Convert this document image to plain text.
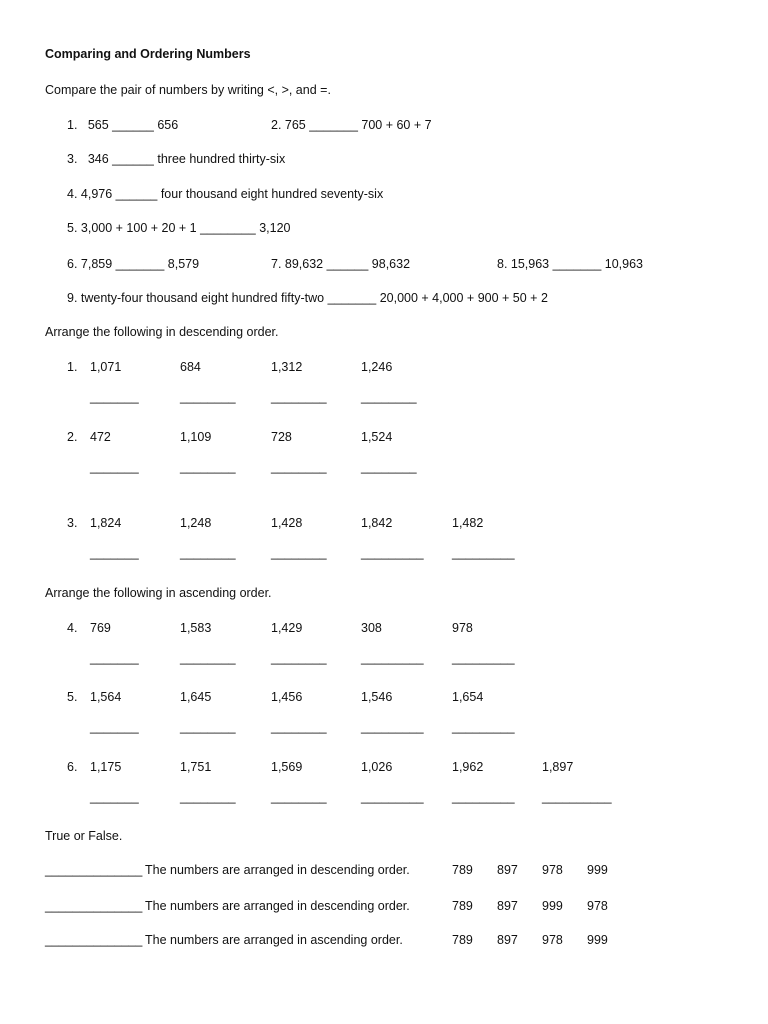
Comparing and Ordering Numbers
Compare the pair of numbers by writing <, >, and =.
1.   565 ______ 656	2. 765 _______ 700 + 60 + 7
3.   346 ______ three hundred thirty-six
4. 4,976 ______ four thousand eight hundred seventy-six
5. 3,000 + 100 + 20 + 1 ________ 3,120
6. 7,859 _______ 8,579	7. 89,632 ______ 98,632	8. 15,963 _______ 10,963
9. twenty-four thousand eight hundred fifty-two _______ 20,000 + 4,000 + 900 + 50 + 2
Arrange the following in descending order.
1. 1,071	684	1,312	1,246
_______	________	________	________
2. 472	1,109	728	1,524
_______	________	________	________
3. 1,824	1,248	1,428	1,842	1,482
_______	________	________	_________ _________
Arrange the following in ascending order.
4. 769	1,583	1,429	308	978
_______	________	________	_________ _________
5. 1,564	1,645	1,456	1,546	1,654
_______	________	________	_________ _________
6. 1,175	1,751	1,569	1,026	1,962	1,897
_______	________	________	_________ _________ __________
True or False.
______________ The numbers are arranged in descending order.	789 897 978 999
______________ The numbers are arranged in descending order.	789 897 999 978
______________ The numbers are arranged in ascending order.	789 897 978 999
